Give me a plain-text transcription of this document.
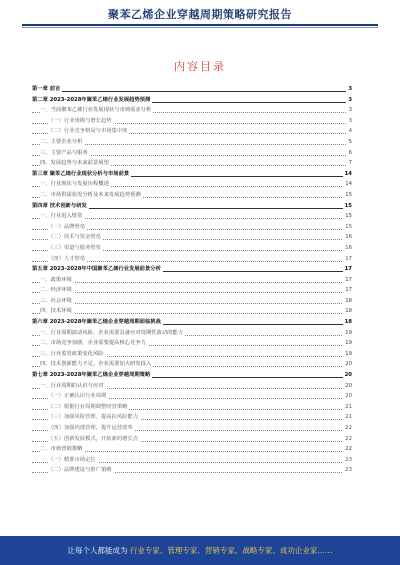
聚苯乙烯企业穿越周期策略研究报告
内容目录
第一章 前言	3
第二章 2023-2028年聚苯乙烯行业发展趋势预测	3
一、当前聚苯乙烯行业发展现状与市场需求分析	3
（一）行业规模与增长趋势	3
（二）行业竞争格局与市场集中度	4
二、主要企业分析	5
三、主要产品与服务	6
四、发展趋势与未来前景展望	7
第三章 聚苯乙烯行业现状分析与市场前景	14
一、行业现状与发展历程概述	14
二、市场供需状况分析及未来发展趋势预测	15
第四章 技术创新与研发	15
一、行业进入壁垒	15
（一）品牌壁垒	15
（二）技术与资金壁垒	16
（三）渠道与服务壁垒	16
（四）人才壁垒	17
第五章 2023-2028年中国聚苯乙烯行业发展前景分析	17
一、政策环境	17
二、经济环境	17
三、社会环境	18
四、技术环境	18
第六章 2023-2028年聚苯乙烯企业穿越周期面临挑战	18
一、行业周期波动风险，企业需要具备应对周期性波动的能力	19
二、市场竞争加剧，企业需要提高核心竞争力	19
三、行业监管政策变化风险	19
四、技术创新能力不足，企业需要加大研发投入	20
第七章 2023-2028年聚苯乙烯企业穿越周期策略	20
一、行业周期的认识与应对	20
（一）正确认识行业周期	20
（二）根据行业周期调整经营策略	21
（三）加强风险管理，提高抗风险能力	21
（四）加强内部管理，提升运营效率	22
（五）创新发展模式，开拓新的增长点	22
二、市场营销策略	22
（一）精准市场定位	23
（二）品牌建设与推广策略	23
让每个人都能成为 行业专家、管理专家、营销专家、战略专家、成功企业家……
